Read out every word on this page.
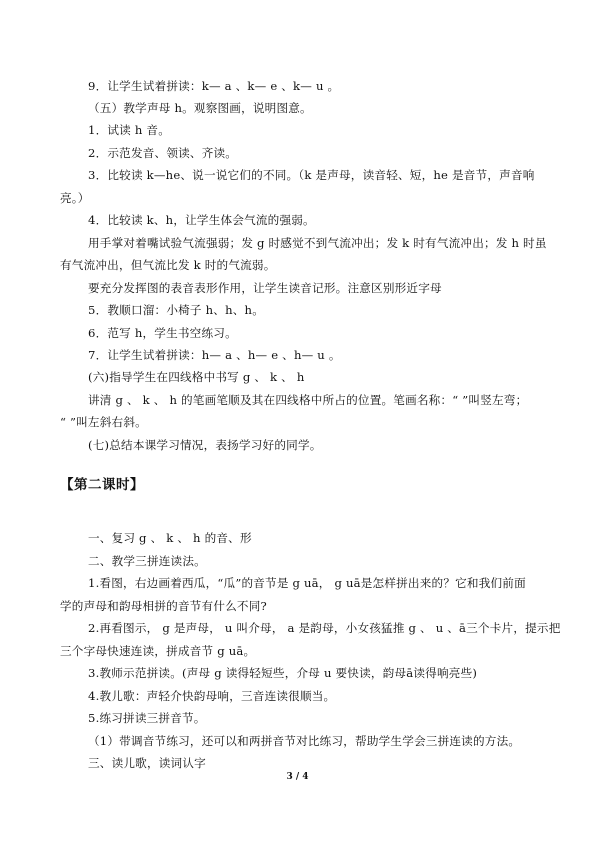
9．让学生试着拼读：k— a 、k— e 、k— u 。
（五）教学声母 h。观察图画，说明图意。
1．试读 h 音。
2．示范发音、领读、齐读。
3．比较读 k—he、说一说它们的不同。（k 是声母，读音轻、短，he 是音节，声音响
亮。）
4．比较读 k、h，让学生体会气流的强弱。
用手掌对着嘴试验气流强弱；发 g 时感觉不到气流冲出；发 k 时有气流冲出；发 h 时虽
有气流冲出，但气流比发 k 时的气流弱。
要充分发挥图的表音表形作用，让学生读音记形。注意区别形近字母
5．教顺口溜：小椅子 h、h、h。
6．范写 h，学生书空练习。
7．让学生试着拼读：h— a 、h— e 、h— u 。
(六)指导学生在四线格中书写 g 、 k 、 h
讲清 g 、 k 、 h 的笔画笔顺及其在四线格中所占的位置。笔画名称：“ ”叫竖左弯；
“ ”叫左斜右斜。
(七)总结本课学习情况，表扬学习好的同学。
【第二课时】
一、复习 g 、 k 、 h 的音、形
二、教学三拼连读法。
1.看图，右边画着西瓜，“瓜”的音节是 g uā， g uā是怎样拼出来的？它和我们前面
学的声母和韵母相拼的音节有什么不同?
2.再看图示， g 是声母， u 叫介母， a 是韵母，小女孩猛推 g 、 u 、ā三个卡片，提示把
三个字母快速连读，拼成音节 g uā。
3.教师示范拼读。(声母 g 读得轻短些，介母 u 要快读，韵母ā读得响亮些)
4.教儿歌：声轻介快韵母响，三音连读很顺当。
5.练习拼读三拼音节。
（1）带调音节练习，还可以和两拼音节对比练习，帮助学生学会三拼连读的方法。
三、读儿歌，读词认字
3 / 4
